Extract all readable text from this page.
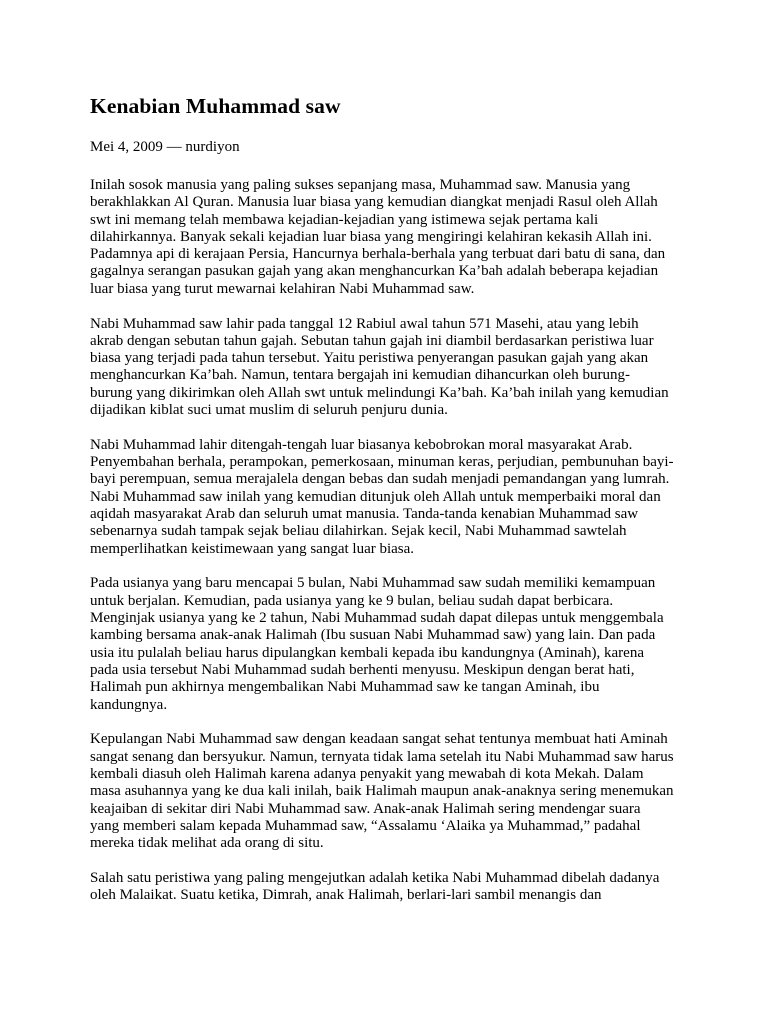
Kenabian Muhammad saw
Mei 4, 2009 — nurdiyon

Inilah sosok manusia yang paling sukses sepanjang masa, Muhammad saw. Manusia yang
berakhlakkan Al Quran. Manusia luar biasa yang kemudian diangkat menjadi Rasul oleh Allah
swt ini memang telah membawa kejadian-kejadian yang istimewa sejak pertama kali
dilahirkannya. Banyak sekali kejadian luar biasa yang mengiringi kelahiran kekasih Allah ini.
Padamnya api di kerajaan Persia, Hancurnya berhala-berhala yang terbuat dari batu di sana, dan
gagalnya serangan pasukan gajah yang akan menghancurkan Ka’bah adalah beberapa kejadian
luar biasa yang turut mewarnai kelahiran Nabi Muhammad saw.

Nabi Muhammad saw lahir pada tanggal 12 Rabiul awal tahun 571 Masehi, atau yang lebih
akrab dengan sebutan tahun gajah. Sebutan tahun gajah ini diambil berdasarkan peristiwa luar
biasa yang terjadi pada tahun tersebut. Yaitu peristiwa penyerangan pasukan gajah yang akan
menghancurkan Ka’bah. Namun, tentara bergajah ini kemudian dihancurkan oleh burung-
burung yang dikirimkan oleh Allah swt untuk melindungi Ka’bah. Ka’bah inilah yang kemudian
dijadikan kiblat suci umat muslim di seluruh penjuru dunia.

Nabi Muhammad lahir ditengah-tengah luar biasanya kebobrokan moral masyarakat Arab.
Penyembahan berhala, perampokan, pemerkosaan, minuman keras, perjudian, pembunuhan bayi-
bayi perempuan, semua merajalela dengan bebas dan sudah menjadi pemandangan yang lumrah.
Nabi Muhammad saw inilah yang kemudian ditunjuk oleh Allah untuk memperbaiki moral dan
aqidah masyarakat Arab dan seluruh umat manusia. Tanda-tanda kenabian Muhammad saw
sebenarnya sudah tampak sejak beliau dilahirkan. Sejak kecil, Nabi Muhammad sawtelah
memperlihatkan keistimewaan yang sangat luar biasa.

Pada usianya yang baru mencapai 5 bulan, Nabi Muhammad saw sudah memiliki kemampuan
untuk berjalan. Kemudian, pada usianya yang ke 9 bulan, beliau sudah dapat berbicara.
Menginjak usianya yang ke 2 tahun, Nabi Muhammad sudah dapat dilepas untuk menggembala
kambing bersama anak-anak Halimah (Ibu susuan Nabi Muhammad saw) yang lain. Dan pada
usia itu pulalah beliau harus dipulangkan kembali kepada ibu kandungnya (Aminah), karena
pada usia tersebut Nabi Muhammad sudah berhenti menyusu. Meskipun dengan berat hati,
Halimah pun akhirnya mengembalikan Nabi Muhammad saw ke tangan Aminah, ibu
kandungnya.

Kepulangan Nabi Muhammad saw dengan keadaan sangat sehat tentunya membuat hati Aminah
sangat senang dan bersyukur. Namun, ternyata tidak lama setelah itu Nabi Muhammad saw harus
kembali diasuh oleh Halimah karena adanya penyakit yang mewabah di kota Mekah. Dalam
masa asuhannya yang ke dua kali inilah, baik Halimah maupun anak-anaknya sering menemukan
keajaiban di sekitar diri Nabi Muhammad saw. Anak-anak Halimah sering mendengar suara
yang memberi salam kepada Muhammad saw, “Assalamu ‘Alaika ya Muhammad,” padahal
mereka tidak melihat ada orang di situ.

Salah satu peristiwa yang paling mengejutkan adalah ketika Nabi Muhammad dibelah dadanya
oleh Malaikat. Suatu ketika, Dimrah, anak Halimah, berlari-lari sambil menangis dan
